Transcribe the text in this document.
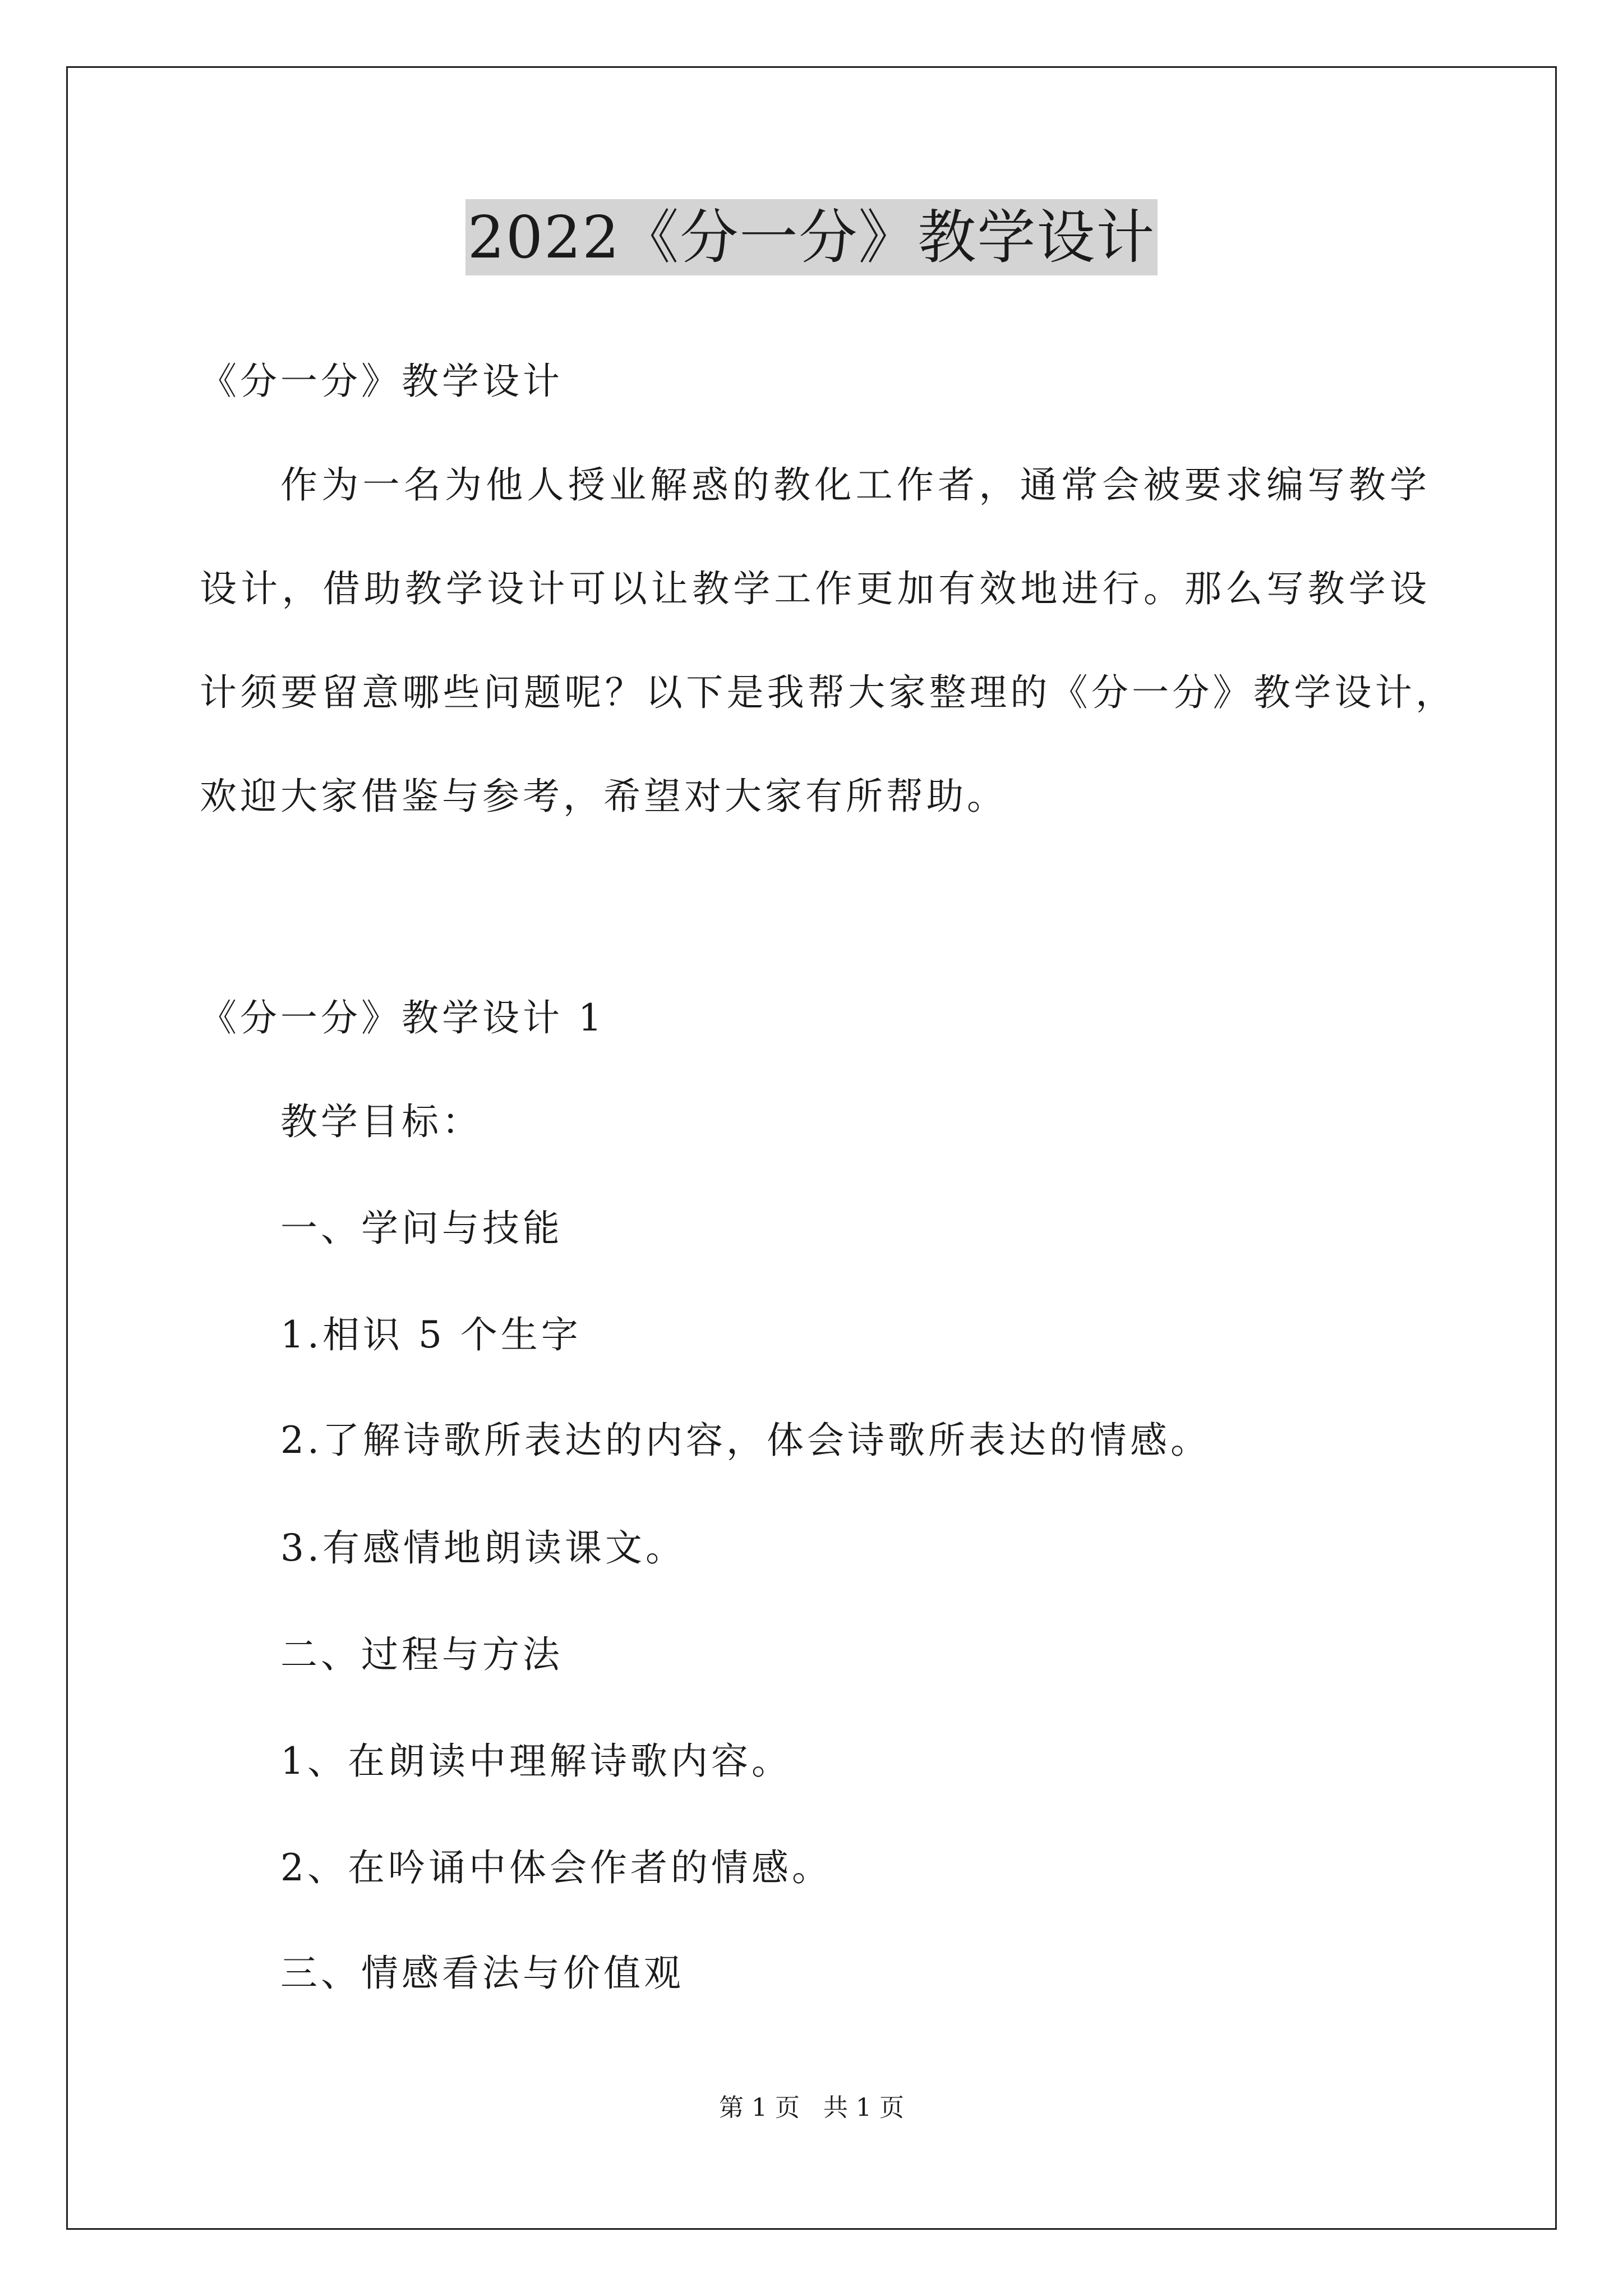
2022《分一分》教学设计
《分一分》教学设计
作为一名为他人授业解惑的教化工作者，通常会被要求编写教学
设计，借助教学设计可以让教学工作更加有效地进行。那么写教学设
计须要留意哪些问题呢？以下是我帮大家整理的《分一分》教学设计，
欢迎大家借鉴与参考，希望对大家有所帮助。
《分一分》教学设计 1
教学目标：
一、学问与技能
1.相识 5 个生字
2.了解诗歌所表达的内容，体会诗歌所表达的情感。
3.有感情地朗读课文。
二、过程与方法
1、在朗读中理解诗歌内容。
2、在吟诵中体会作者的情感。
三、情感看法与价值观
第 1 页 共 1 页
